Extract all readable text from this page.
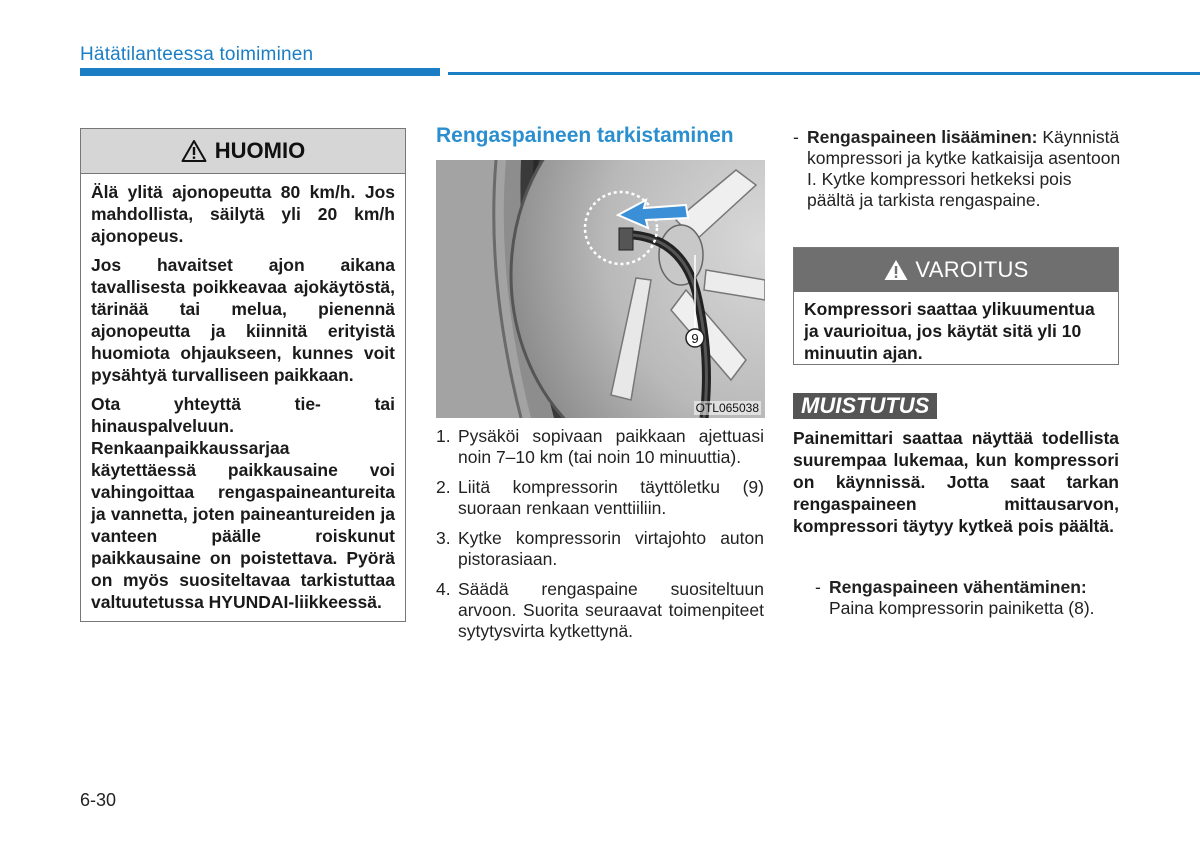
Hätätilanteessa toimiminen
HUOMIO

Älä ylitä ajonopeutta 80 km/h. Jos mahdollista, säilytä yli 20 km/h ajonopeus.

Jos havaitset ajon aikana tavallisesta poikkeavaa ajokäytöstä, tärinää tai melua, pienennä ajonopeutta ja kiinnitä erityistä huomiota ohjaukseen, kunnes voit pysähtyä turvalliseen paikkaan.

Ota yhteyttä tie- tai hinauspalveluun. Renkaanpaikkaussarjaa käytettäessä paikkausaine voi vahingoittaa rengaspaineantureita ja vannetta, joten paineantureiden ja vanteen päälle roiskunut paikkausaine on poistettava. Pyörä on myös suositeltavaa tarkistuttaa valtuutetussa HYUNDAI-liikkeessä.

Rengaspaineen tarkistaminen
9
OTL065038
1. Pysäköi sopivaan paikkaan ajettuasi noin 7–10 km (tai noin 10 minuuttia).
2. Liitä kompressorin täyttöletku (9) suoraan renkaan venttiiliin.
3. Kytke kompressorin virtajohto auton pistorasiaan.
4. Säädä rengaspaine suositeltuun arvoon. Suorita seuraavat toimenpiteet sytytysvirta kytkettynä.
- Rengaspaineen lisääminen: Käynnistä kompressori ja kytke katkaisija asentoon I. Kytke kompressori hetkeksi pois päältä ja tarkista rengaspaine.
VAROITUS
Kompressori saattaa ylikuumentua ja vaurioitua, jos käytät sitä yli 10 minuutin ajan.
MUISTUTUS
Painemittari saattaa näyttää todellista suurempaa lukemaa, kun kompressori on käynnissä. Jotta saat tarkan rengaspaineen mittausarvon, kompressori täytyy kytkeä pois päältä.
- Rengaspaineen vähentäminen:
Paina kompressorin painiketta (8).
6-30
